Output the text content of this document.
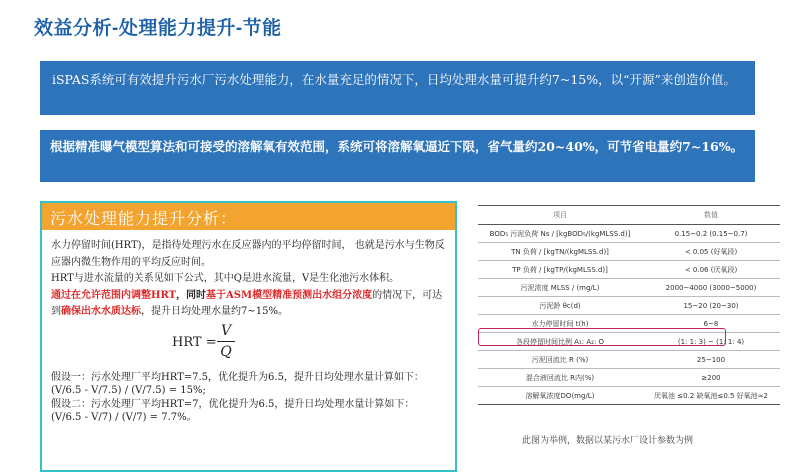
效益分析-处理能力提升-节能
iSPAS系统可有效提升污水厂污水处理能力，在水量充足的情况下，日均处理水量可提升约7~15%，以“开源”来创造价值。
根据精准曝气模型算法和可接受的溶解氧有效范围，系统可将溶解氧逼近下限，省气量约20~40%，可节省电量约7~16%。
污水处理能力提升分析：
水力停留时间(HRT)，是指待处理污水在反应器内的平均停留时间， 也就是污水与生物反应器内微生物作用的平均反应时间。
HRT与进水流量的关系见如下公式，其中Q是进水流量，V是生化池污水体积。
通过在允许范围内调整HRT，同时基于ASM模型精准预测出水组分浓度的情况下，可达到确保出水水质达标，提升日均处理水量约7~15%。
HRT =
V
Q
假设一：污水处理厂平均HRT=7.5，优化提升为6.5，提升日均处理水量计算如下： (V/6.5 - V/7.5) / (V/7.5) = 15%;
假设二：污水处理厂平均HRT=7，优化提升为6.5，提升日均处理水量计算如下： (V/6.5 - V/7) / (V/7) = 7.7%。
项目	数值
BOD₅ 污泥负荷 Ns / [kgBOD₅/(kgMLSS.d)]	0.15~0.2 (0.15~0.7)
TN 负荷 / [kgTN/(kgMLSS.d)]	< 0.05 (好氧段)
TP 负荷 / [kgTP/(kgMLSS.d)]	< 0.06 (厌氧段)
污泥浓度 MLSS / (mg/L)	2000~4000 (3000~5000)
污泥龄 θc(d)	15~20 (20~30)
水力停留时间 t(h)	6~8
各段停留时间比例 A₁: A₂: O	(1: 1: 3) ~ (1: 1: 4)
污泥回流比 R (%)	25~100
混合液回流比 R内(%)	≥200
溶解氧浓度DO(mg/L)	厌氧池 ≤0.2 缺氧池≤0.5 好氧池≈2
此图为举例，数据以某污水厂设计参数为例
